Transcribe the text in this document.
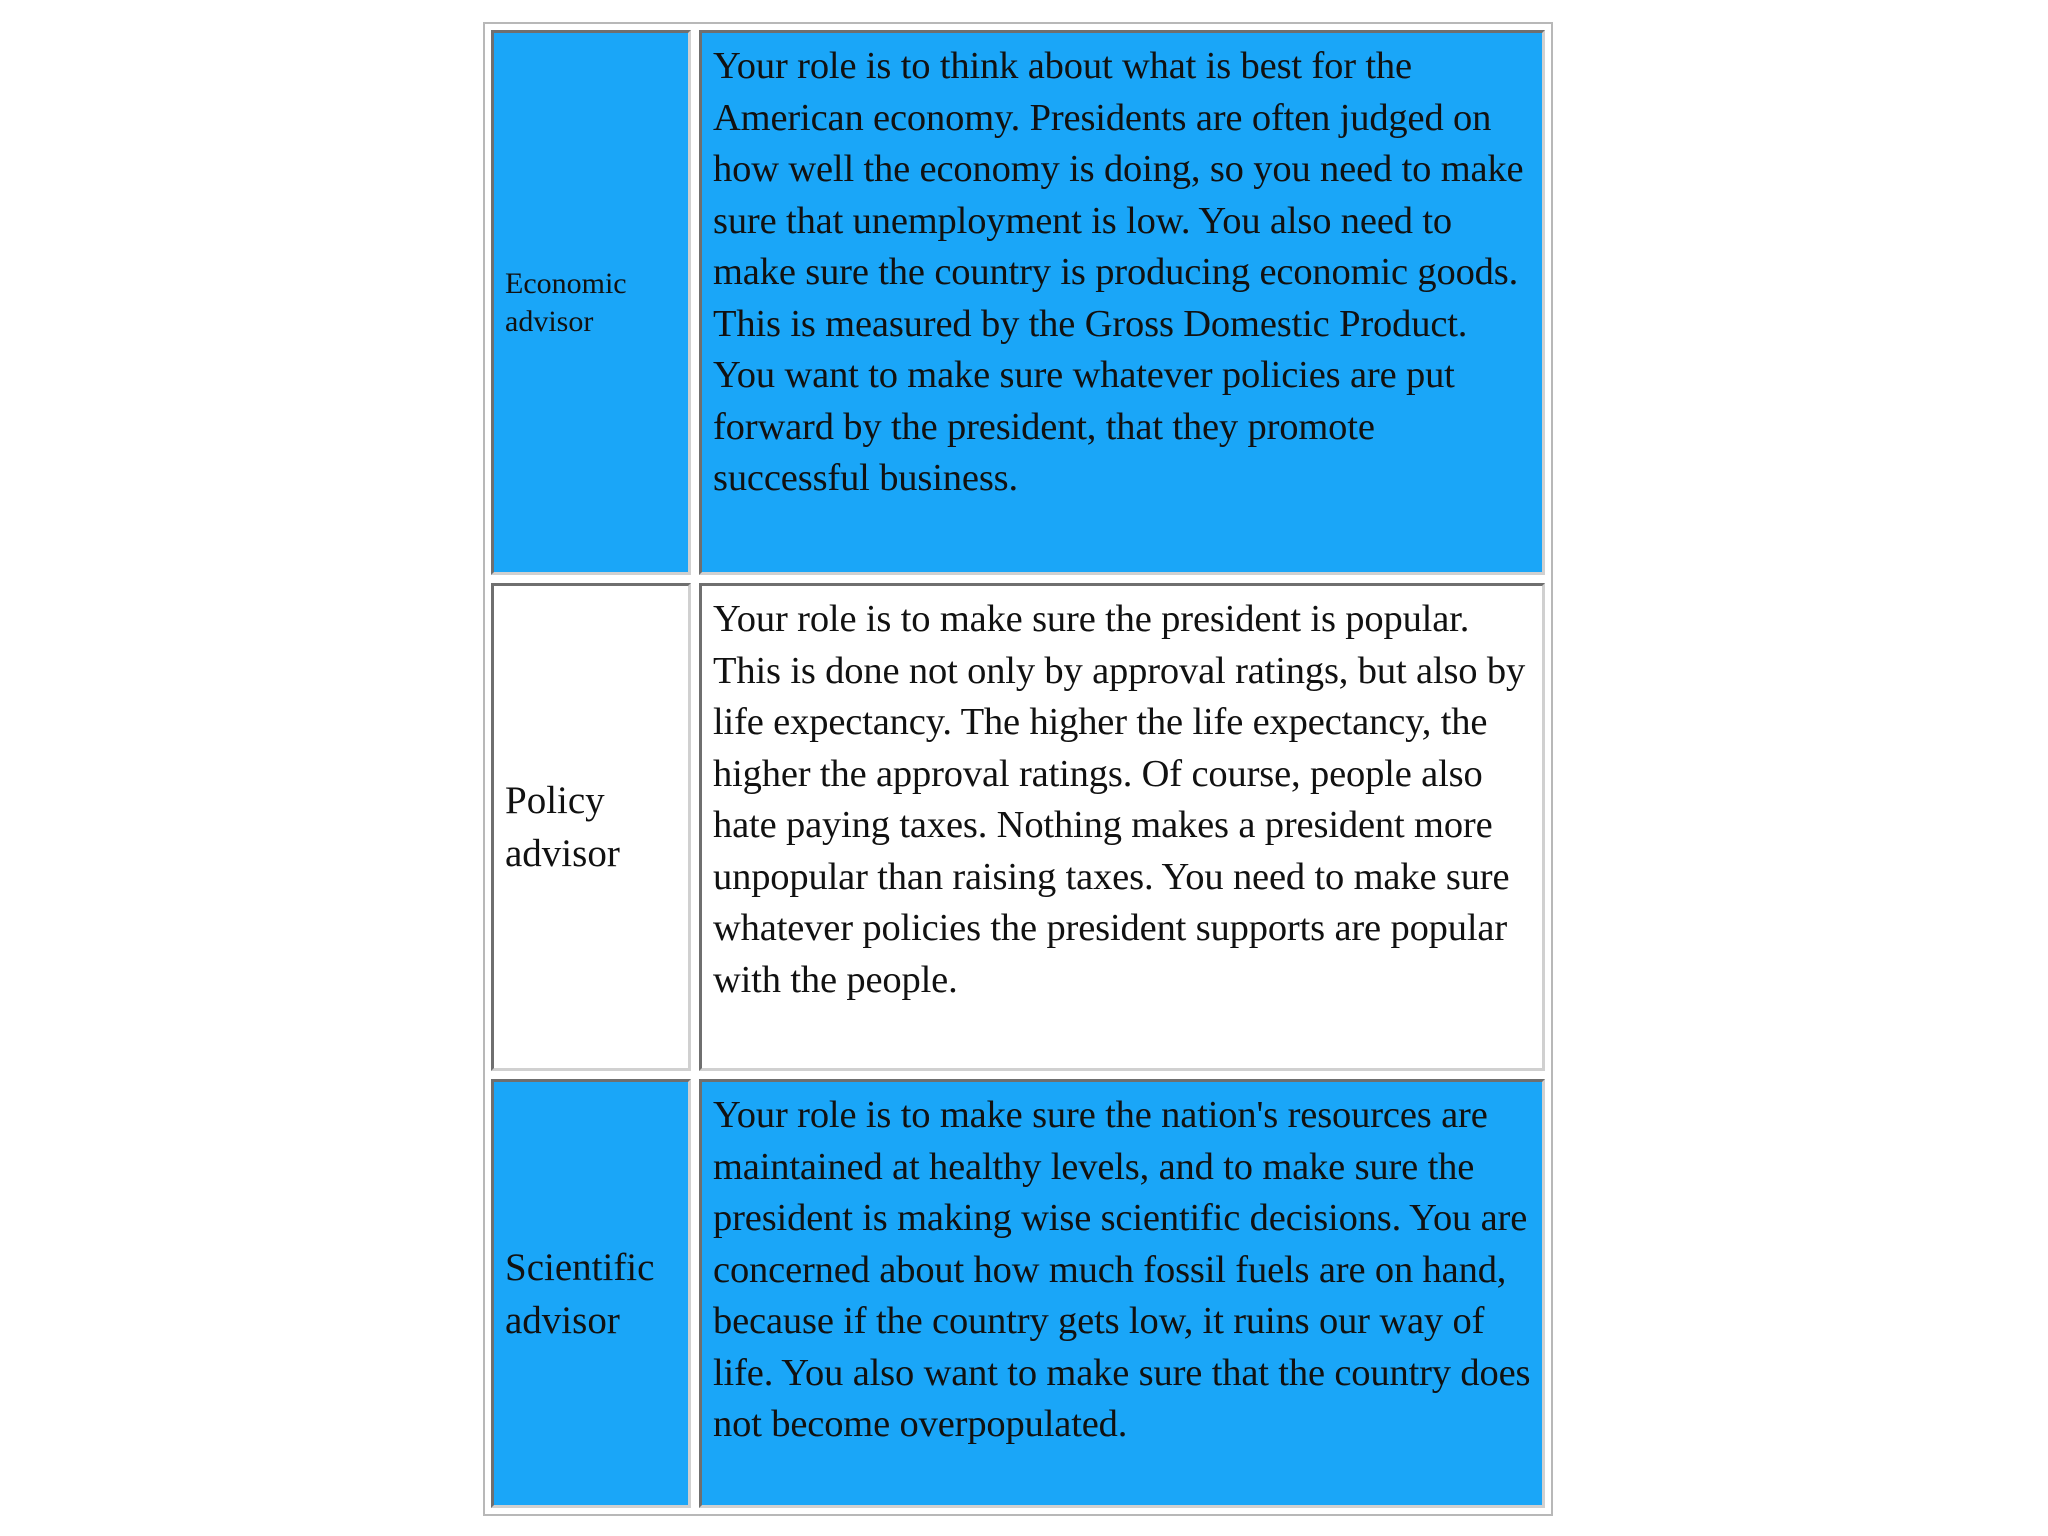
Economic advisor
Your role is to think about what is best for the American economy. Presidents are often judged on how well the economy is doing, so you need to make sure that unemployment is low. You also need to make sure the country is producing economic goods. This is measured by the Gross Domestic Product. You want to make sure whatever policies are put forward by the president, that they promote successful business.
Policy advisor
Your role is to make sure the president is popular. This is done not only by approval ratings, but also by life expectancy. The higher the life expectancy, the higher the approval ratings. Of course, people also hate paying taxes. Nothing makes a president more unpopular than raising taxes. You need to make sure whatever policies the president supports are popular with the people.
Scientific advisor
Your role is to make sure the nation's resources are maintained at healthy levels, and to make sure the president is making wise scientific decisions. You are concerned about how much fossil fuels are on hand, because if the country gets low, it ruins our way of life. You also want to make sure that the country does not become overpopulated.
